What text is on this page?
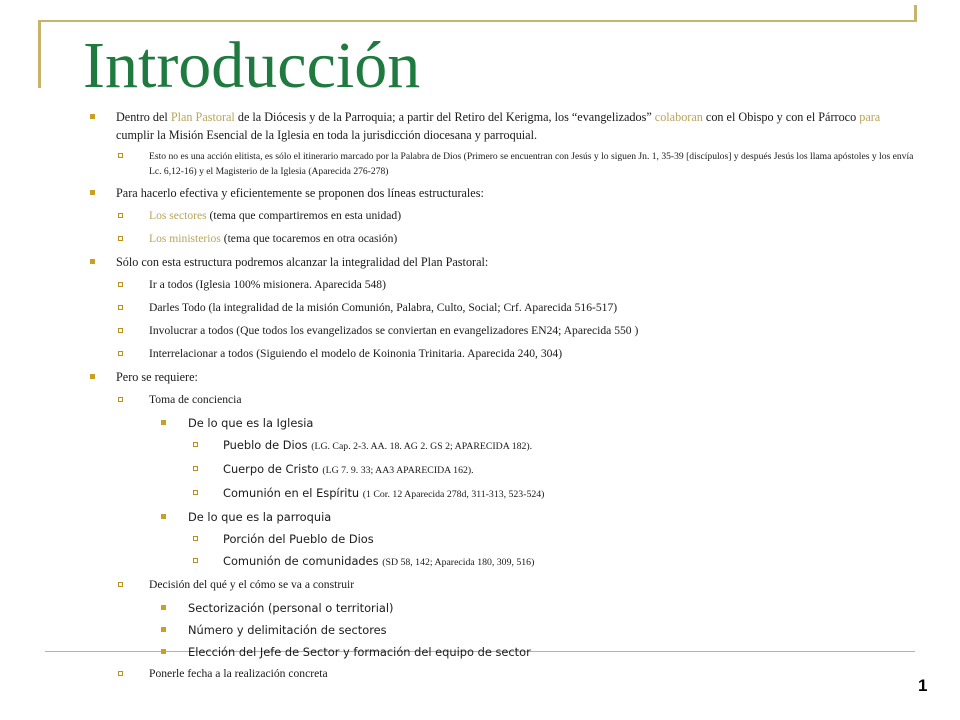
Introducción
Dentro del Plan Pastoral de la Diócesis y de la Parroquia; a partir del Retiro del Kerigma, los “evangelizados” colaboran con el Obispo y con el Párroco para cumplir la Misión Esencial de la Iglesia en toda la jurisdicción diocesana y parroquial.
Esto no es una acción elitista, es sólo el itinerario marcado por la Palabra de Dios (Primero se encuentran con Jesús y lo siguen Jn. 1, 35-39 [discípulos] y después Jesús los llama apóstoles y los envía Lc. 6,12-16) y el Magisterio de la Iglesia (Aparecida 276-278)
Para hacerlo efectiva y eficientemente se proponen dos líneas estructurales:
Los sectores (tema que compartiremos en esta unidad)
Los ministerios (tema que tocaremos en otra ocasión)
Sólo con esta estructura podremos alcanzar la integralidad del Plan Pastoral:
Ir a todos (Iglesia 100% misionera. Aparecida 548)
Darles Todo (la integralidad de la misión Comunión, Palabra, Culto, Social; Crf. Aparecida 516-517)
Involucrar a todos (Que todos los evangelizados se conviertan en evangelizadores EN24; Aparecida 550 )
Interrelacionar a todos (Siguiendo el modelo de Koinonia Trinitaria. Aparecida 240, 304)
Pero se requiere:
Toma de conciencia
De lo que es la Iglesia
Pueblo de Dios (LG. Cap. 2-3. AA. 18. AG 2. GS 2; APARECIDA 182).
Cuerpo de Cristo (LG 7. 9. 33; AA3 APARECIDA 162).
Comunión en el Espíritu (1 Cor. 12 Aparecida 278d, 311-313, 523-524)
De lo que es la parroquia
Porción del Pueblo de Dios
Comunión de comunidades (SD 58, 142; Aparecida 180, 309, 516)
Decisión del qué y el cómo se va a construir
Sectorización (personal o territorial)
Número y delimitación de sectores
Elección del Jefe de Sector y formación del equipo de sector
Ponerle fecha a la realización concreta
1
